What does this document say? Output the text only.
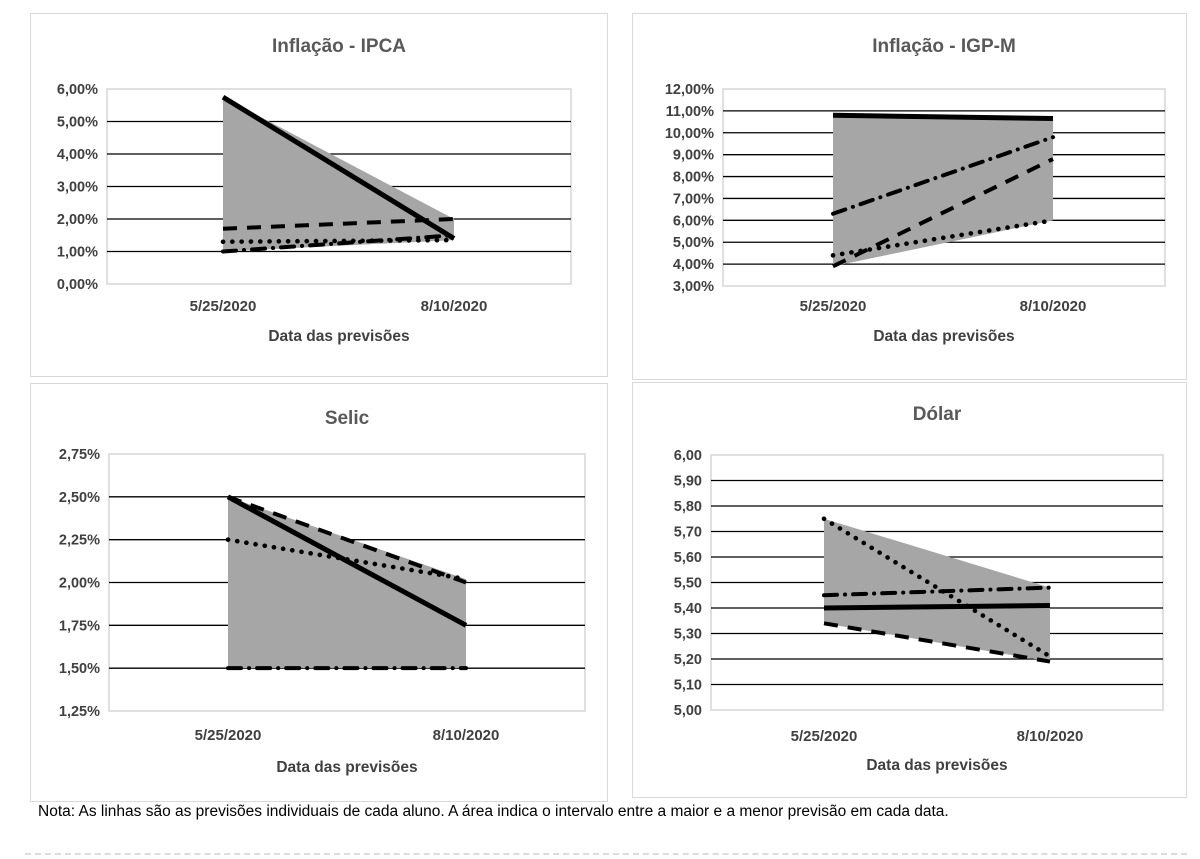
6,00%
5,00%
4,00%
3,00%
2,00%
1,00%
0,00%
5/25/2020	8/10/2020
Inflação - IPCA
Data das previsões
12,00%
11,00%
10,00%
9,00%
8,00%
7,00%
6,00%
5,00%
4,00%
3,00%
5/25/2020	8/10/2020
Inflação - IGP-M
Data das previsões
2,75%
2,50%
2,25%
2,00%
1,75%
1,50%
1,25%
5/25/2020	8/10/2020
Selic
Data das previsões
6,00
5,90
5,80
5,70
5,60
5,50
5,40
5,30
5,20
5,10
5,00
5/25/2020	8/10/2020
Dólar
Data das previsões

Nota: As linhas são as previsões individuais de cada aluno. A área indica o intervalo entre a maior e a menor previsão em cada data.
